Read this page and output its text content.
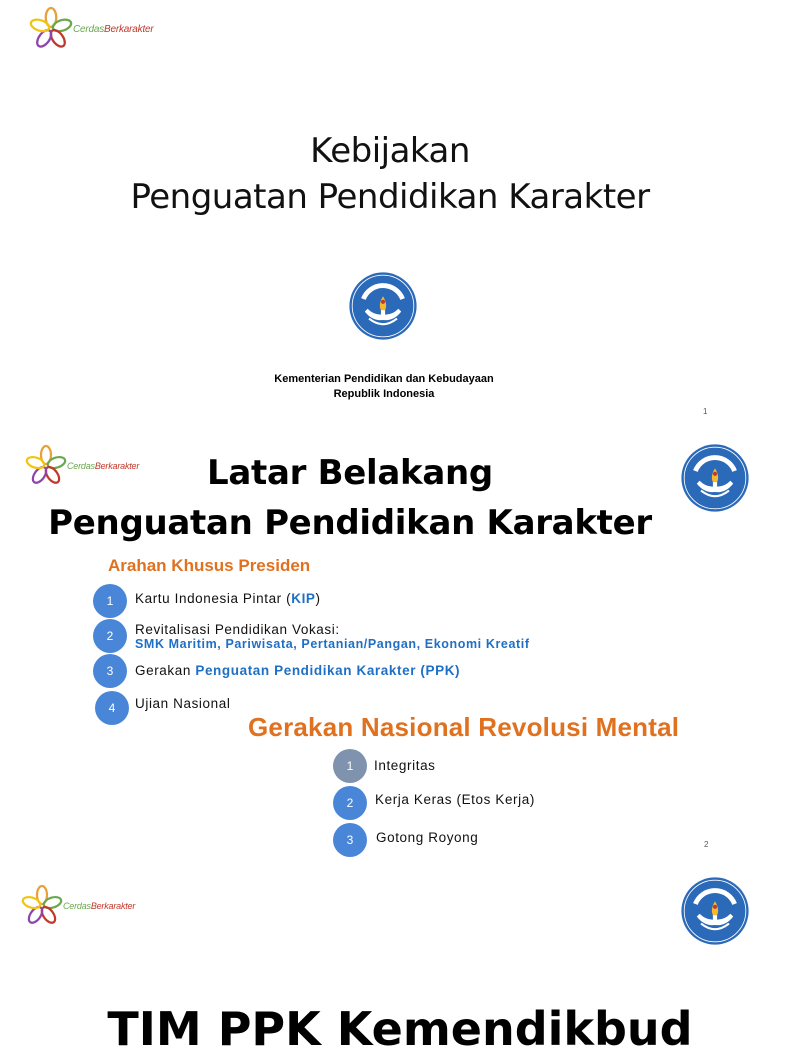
CerdasBerkarakter
Kebijakan
Penguatan Pendidikan Karakter
Kementerian Pendidikan dan Kebudayaan
Republik Indonesia
1
CerdasBerkarakter	Latar Belakang
Penguatan Pendidikan Karakter
Arahan Khusus Presiden
1	Kartu Indonesia Pintar (KIP)
2	Revitalisasi Pendidikan Vokasi:
SMK Maritim, Pariwisata, Pertanian/Pangan, Ekonomi Kreatif
3	Gerakan Penguatan Pendidikan Karakter (PPK)
4	Ujian Nasional
Gerakan Nasional Revolusi Mental
1	Integritas
2	Kerja Keras (Etos Kerja)
3	Gotong Royong	2
CerdasBerkarakter
TIM PPK Kemendikbud
